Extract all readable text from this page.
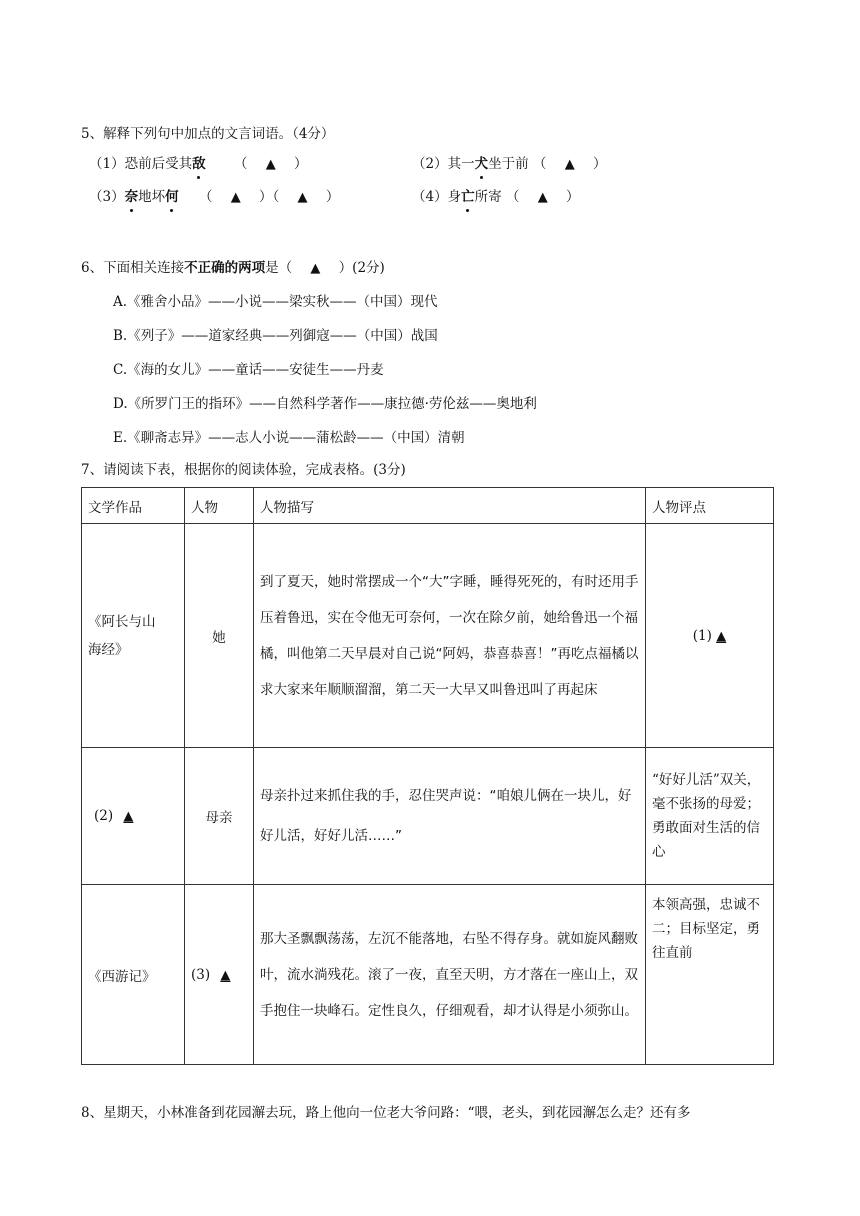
5、解释下列句中加点的文言词语。（4分）
（1）恐前后受其敌 （ ▲ ）	（2）其一犬坐于前 （ ▲ ）
（3）奈地坏何 （ ▲ ）（ ▲ ）	（4）身亡所寄 （ ▲ ）
6、下面相关连接不正确的两项是（ ▲ ）(2分)
A.《雅舍小品》——小说——梁实秋——（中国）现代
B.《列子》——道家经典——列御寇——（中国）战国
C.《海的女儿》——童话——安徒生——丹麦
D.《所罗门王的指环》——自然科学著作——康拉德·劳伦兹——奥地利
E.《聊斋志异》——志人小说——蒲松龄——（中国）清朝
7、请阅读下表，根据你的阅读体验，完成表格。(3分)
文学作品	人物	人物描写	人物评点

《阿长与山
海经》	她	到了夏天，她时常摆成一个“大”字睡，睡得死死的，有时还用手压着鲁迅，实在令他无可奈何，一次在除夕前，她给鲁迅一个福橘，叫他第二天早晨对自己说“阿妈，恭喜恭喜！”再吃点福橘以求大家来年顺顺溜溜，第二天一大早又叫鲁迅叫了再起床	(1) ▲
(2) ▲	母亲	母亲扑过来抓住我的手，忍住哭声说：“咱娘儿俩在一块儿，好好儿活，好好儿活……”	“好好儿活”双关，毫不张扬的母爱；勇敢面对生活的信心
《西游记》	(3) ▲	那大圣飘飘荡荡，左沉不能落地，右坠不得存身。就如旋风翻败叶，流水淌残花。滚了一夜，直至天明，方才落在一座山上，双手抱住一块峰石。定性良久，仔细观看，却才认得是小须弥山。	本领高强，忠诚不二；目标坚定，勇往直前
8、星期天，小林准备到花园澥去玩，路上他向一位老大爷问路：“喂，老头，到花园澥怎么走？还有多
